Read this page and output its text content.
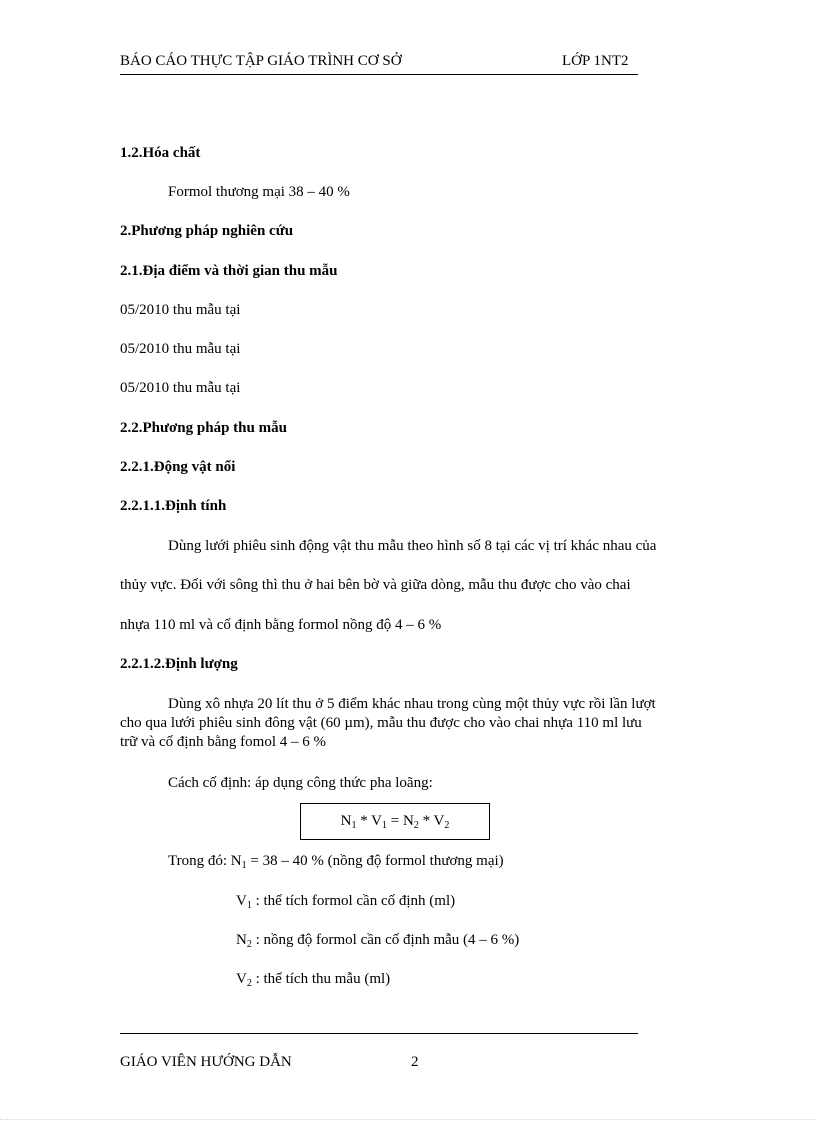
BÁO CÁO THỰC TẬP GIÁO TRÌNH CƠ SỞ	LỚP 1NT2
1.2.Hóa chất
Formol thương mại 38 – 40 %
2.Phương pháp nghiên cứu
2.1.Địa điểm và thời gian thu mẫu
05/2010 thu mẫu tại
05/2010 thu mẫu tại
05/2010 thu mẫu tại
2.2.Phương pháp thu mẫu
2.2.1.Động vật nổi
2.2.1.1.Định tính
Dùng lưới phiêu sinh động vật thu mẫu theo hình số 8 tại các vị trí khác nhau của
thủy vực. Đối với sông thì thu ở hai bên bờ và giữa dòng, mẫu thu được cho vào chai
nhựa 110 ml và cố định bằng formol nồng độ 4 – 6 %
2.2.1.2.Định lượng
Dùng xô nhựa 20 lít thu ở 5 điểm khác nhau trong cùng một thủy vực rồi lần lượt
cho qua lưới phiêu sinh đông vật (60 µm), mẫu thu được cho vào chai nhựa 110 ml lưu
trữ và cố định bằng fomol 4 – 6 %
Cách cố định: áp dụng công thức pha loãng:
$N_1 * V_1 = N_2 * V_2$
Trong đó: $N_1 = 38 - 40$ % (nồng độ formol thương mại)
$V_1$ : thể tích formol cần cố định (ml)
$N_2$ : nồng độ formol cần cố định mẫu (4 – 6 %)
$V_2$ : thể tích thu mẫu (ml)
GIÁO VIÊN HƯỚNG DẪN	2
